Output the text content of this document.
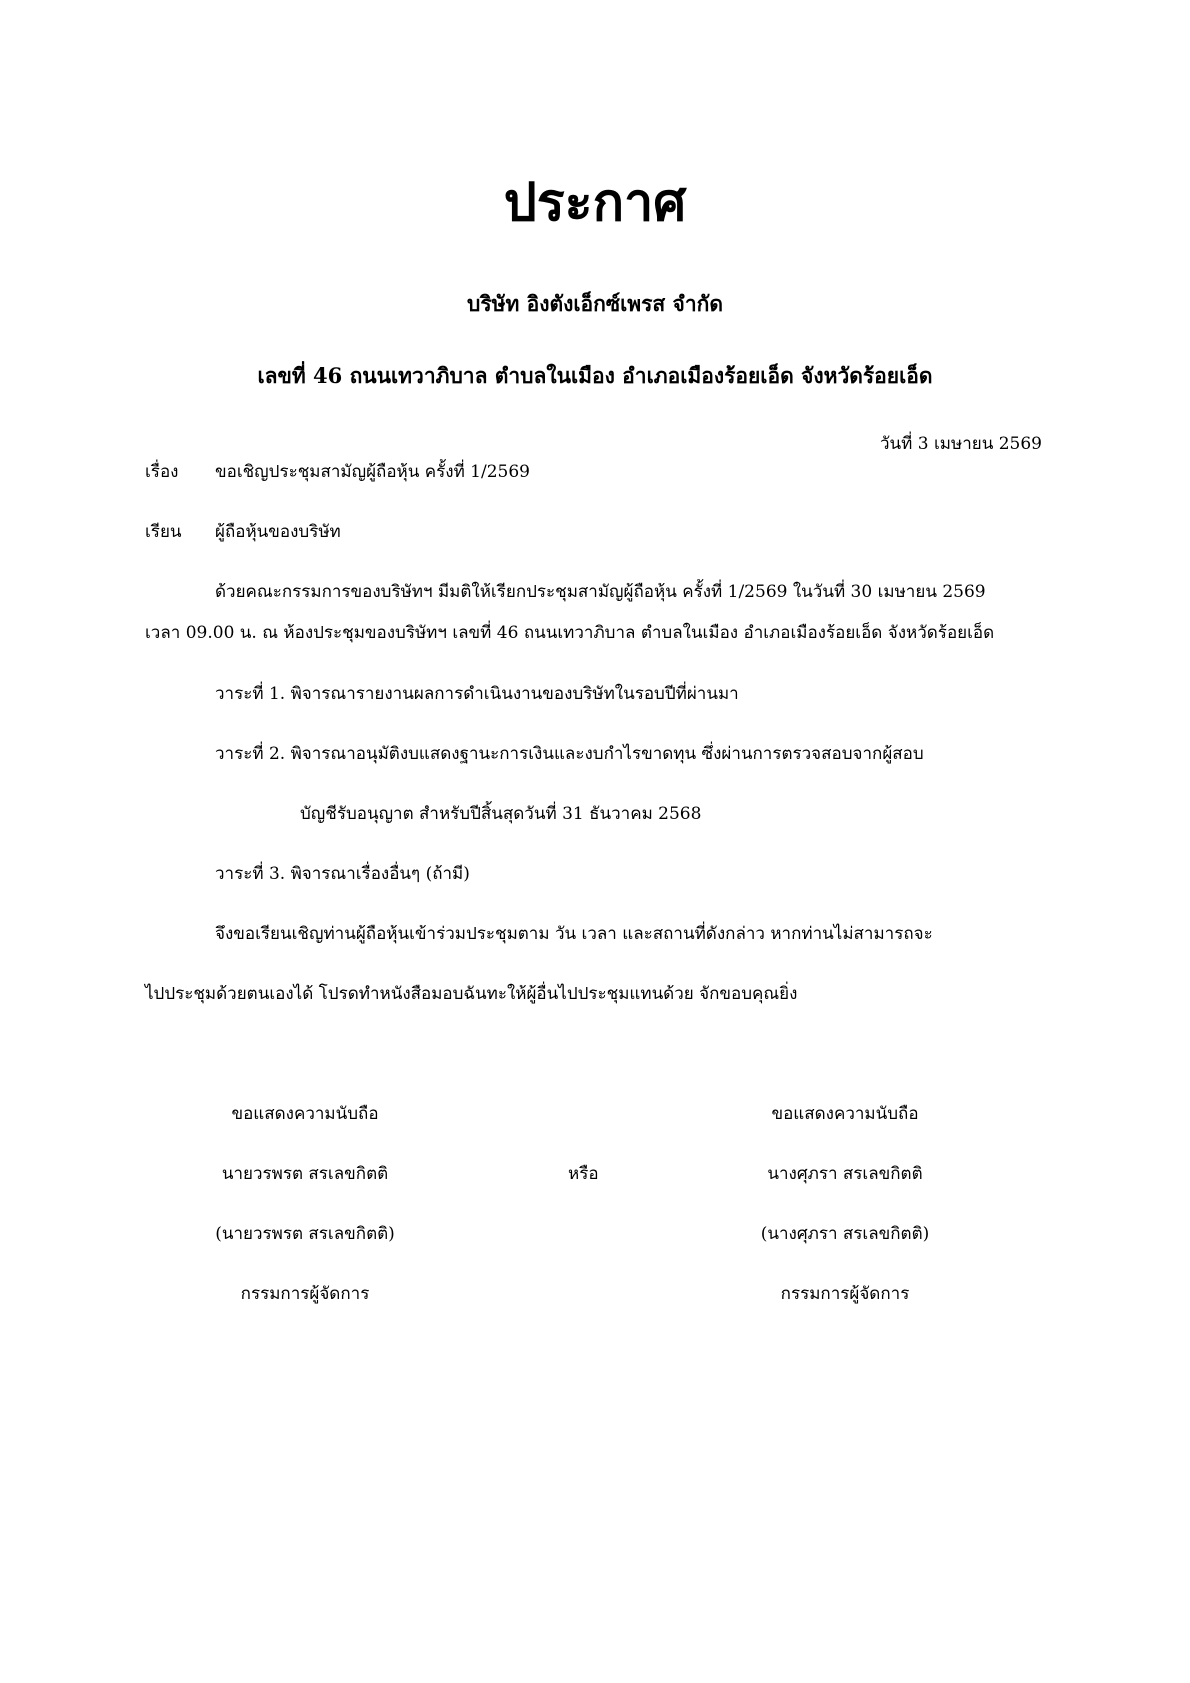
ประกาศ
บริษัท อิงตังเอ็กซ์เพรส จำกัด
เลขที่ 46 ถนนเทวาภิบาล ตำบลในเมือง อำเภอเมืองร้อยเอ็ด จังหวัดร้อยเอ็ด
วันที่ 3 เมษายน 2569
เรื่อง ขอเชิญประชุมสามัญผู้ถือหุ้น ครั้งที่ 1/2569
เรียน ผู้ถือหุ้นของบริษัท
ด้วยคณะกรรมการของบริษัทฯ มีมติให้เรียกประชุมสามัญผู้ถือหุ้น ครั้งที่ 1/2569 ในวันที่ 30 เมษายน 2569
เวลา 09.00 น. ณ ห้องประชุมของบริษัทฯ เลขที่ 46 ถนนเทวาภิบาล ตำบลในเมือง อำเภอเมืองร้อยเอ็ด จังหวัดร้อยเอ็ด
วาระที่ 1. พิจารณารายงานผลการดำเนินงานของบริษัทในรอบปีที่ผ่านมา
วาระที่ 2. พิจารณาอนุมัติงบแสดงฐานะการเงินและงบกำไรขาดทุน ซึ่งผ่านการตรวจสอบจากผู้สอบ
บัญชีรับอนุญาต สำหรับปีสิ้นสุดวันที่ 31 ธันวาคม 2568
วาระที่ 3. พิจารณาเรื่องอื่นๆ (ถ้ามี)
จึงขอเรียนเชิญท่านผู้ถือหุ้นเข้าร่วมประชุมตาม วัน เวลา และสถานที่ดังกล่าว หากท่านไม่สามารถจะ
ไปประชุมด้วยตนเองได้ โปรดทำหนังสือมอบฉันทะให้ผู้อื่นไปประชุมแทนด้วย จักขอบคุณยิ่ง
ขอแสดงความนับถือ
นายวรพรต สรเลขกิตติ
(นายวรพรต สรเลขกิตติ)
กรรมการผู้จัดการ
หรือ
ขอแสดงความนับถือ
นางศุภรา สรเลขกิตติ
(นางศุภรา สรเลขกิตติ)
กรรมการผู้จัดการ
